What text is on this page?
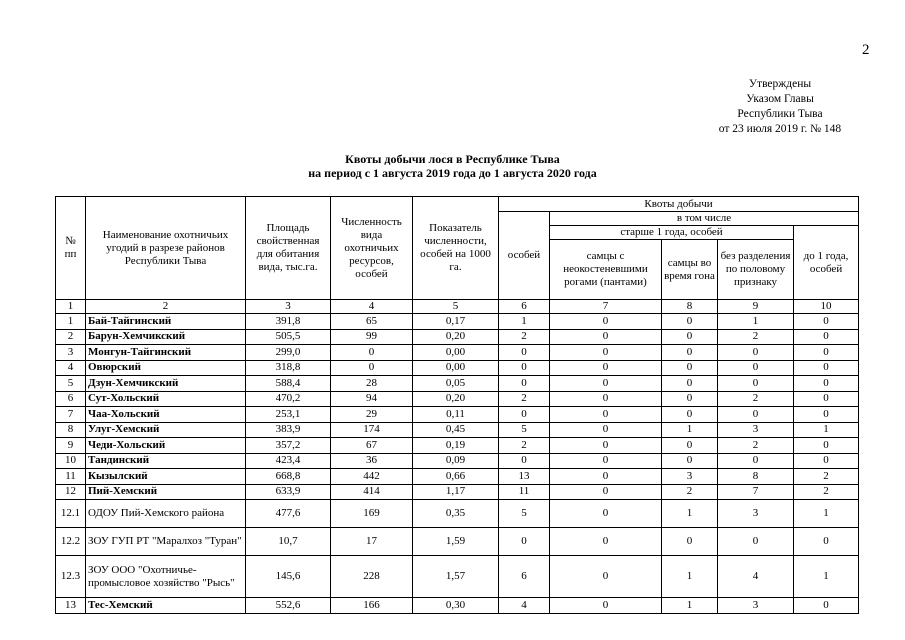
2
Утверждены
Указом Главы
Республики Тыва
от 23 июля 2019 г. № 148
Квоты добычи лося в Республике Тыва
на период с 1 августа 2019 года до 1 августа 2020 года
№ пп	Наименование охотничьих угодий в разрезе районов Республики Тыва	Площадь свойственная для обитания вида, тыс.га.	Численность вида охотничьих ресурсов, особей	Показатель численности, особей на 1000 га.	Квоты добычи				
					особей	в том числе			
						старше 1 года, особей			до 1 года, особей
						самцы с неокостеневшими рогами (пантами)	самцы во время гона	без разделения по половому признаку	
1	2	3	4	5	6	7	8	9	10
1	Бай-Тайгинский	391,8	65	0,17	1	0	0	1	0
2	Барун-Хемчикский	505,5	99	0,20	2	0	0	2	0
3	Монгун-Тайгинский	299,0	0	0,00	0	0	0	0	0
4	Овюрский	318,8	0	0,00	0	0	0	0	0
5	Дзун-Хемчикский	588,4	28	0,05	0	0	0	0	0
6	Сут-Хольский	470,2	94	0,20	2	0	0	2	0
7	Чаа-Хольский	253,1	29	0,11	0	0	0	0	0
8	Улуг-Хемский	383,9	174	0,45	5	0	1	3	1
9	Чеди-Хольский	357,2	67	0,19	2	0	0	2	0
10	Тандинский	423,4	36	0,09	0	0	0	0	0
11	Кызылский	668,8	442	0,66	13	0	3	8	2
12	Пий-Хемский	633,9	414	1,17	11	0	2	7	2
12.1	ОДОУ Пий-Хемского района	477,6	169	0,35	5	0	1	3	1
12.2	ЗОУ ГУП РТ "Маралхоз "Туран"	10,7	17	1,59	0	0	0	0	0
12.3	ЗОУ ООО "Охотничье-промысловое хозяйство "Рысь"	145,6	228	1,57	6	0	1	4	1
13	Тес-Хемский	552,6	166	0,30	4	0	1	3	0
